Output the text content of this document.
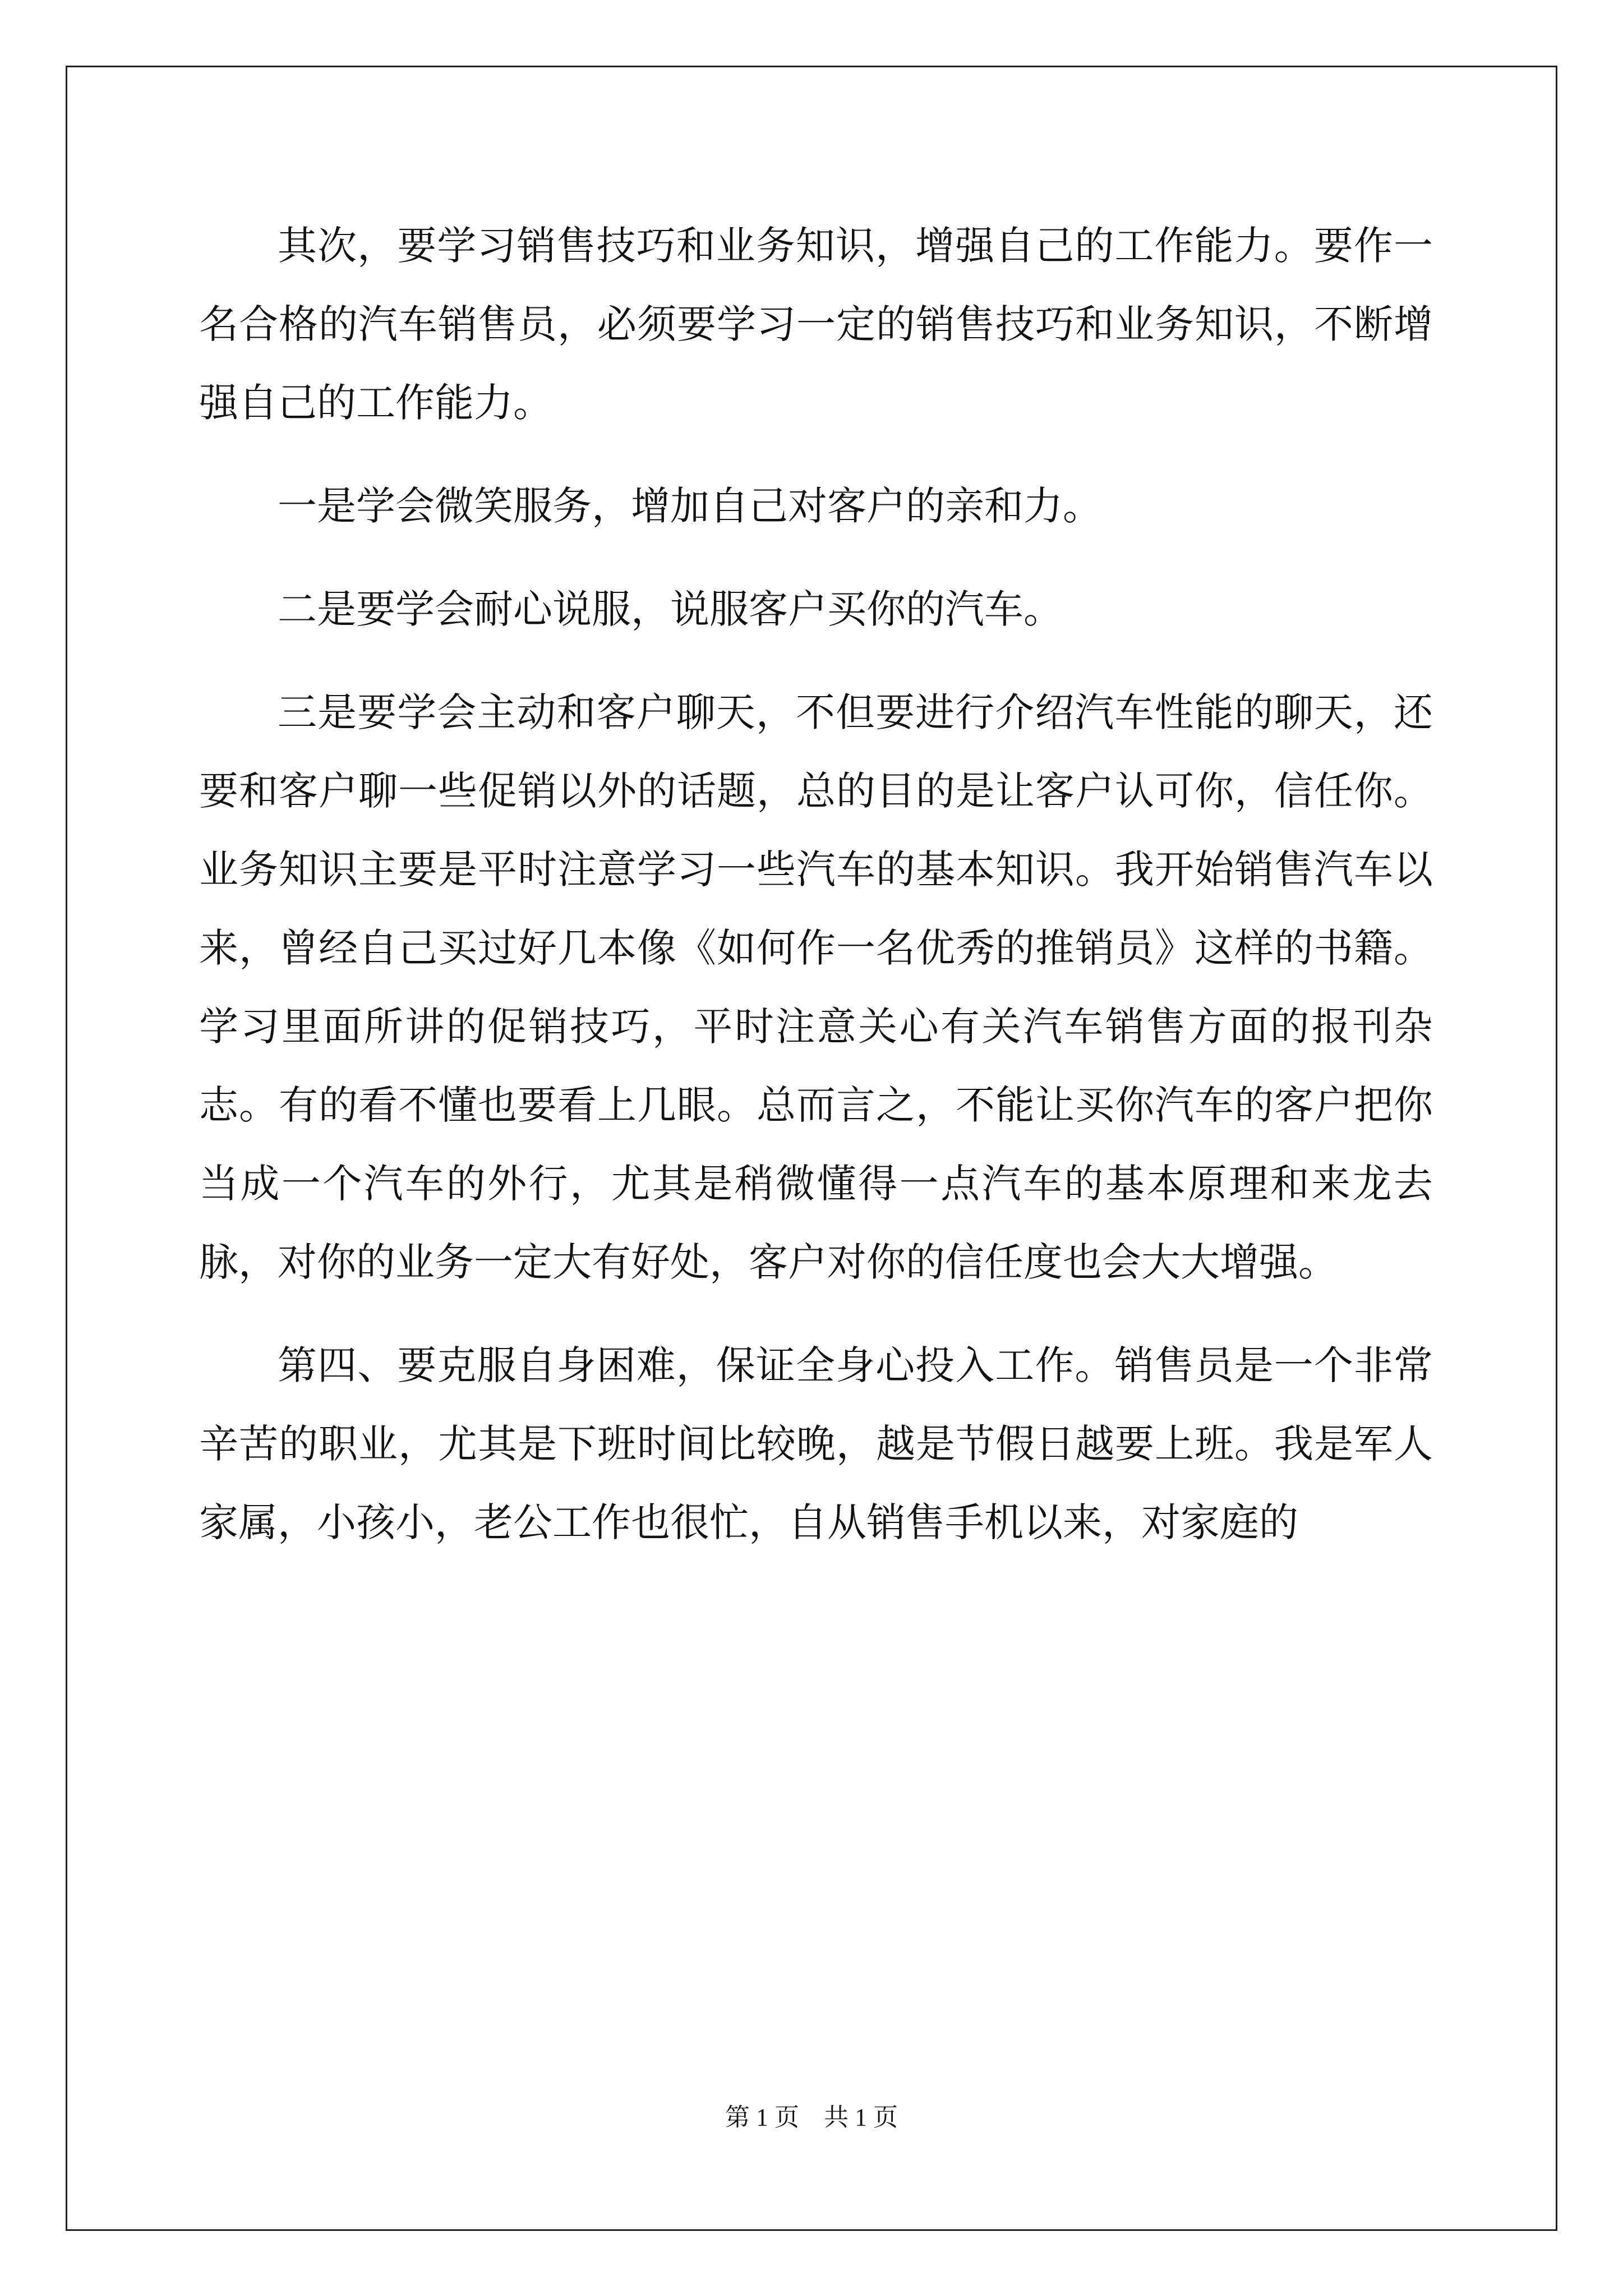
其次，要学习销售技巧和业务知识，增强自己的工作能力。要作一名合格的汽车销售员，必须要学习一定的销售技巧和业务知识，不断增强自己的工作能力。

一是学会微笑服务，增加自己对客户的亲和力。

二是要学会耐心说服，说服客户买你的汽车。

三是要学会主动和客户聊天，不但要进行介绍汽车性能的聊天，还要和客户聊一些促销以外的话题，总的目的是让客户认可你，信任你。业务知识主要是平时注意学习一些汽车的基本知识。我开始销售汽车以来，曾经自己买过好几本像《如何作一名优秀的推销员》这样的书籍。学习里面所讲的促销技巧，平时注意关心有关汽车销售方面的报刊杂志。有的看不懂也要看上几眼。总而言之，不能让买你汽车的客户把你当成一个汽车的外行，尤其是稍微懂得一点汽车的基本原理和来龙去脉，对你的业务一定大有好处，客户对你的信任度也会大大增强。

第四、要克服自身困难，保证全身心投入工作。销售员是一个非常辛苦的职业，尤其是下班时间比较晚，越是节假日越要上班。我是军人家属，小孩小，老公工作也很忙，自从销售手机以来，对家庭的

第 1 页    共 1 页
